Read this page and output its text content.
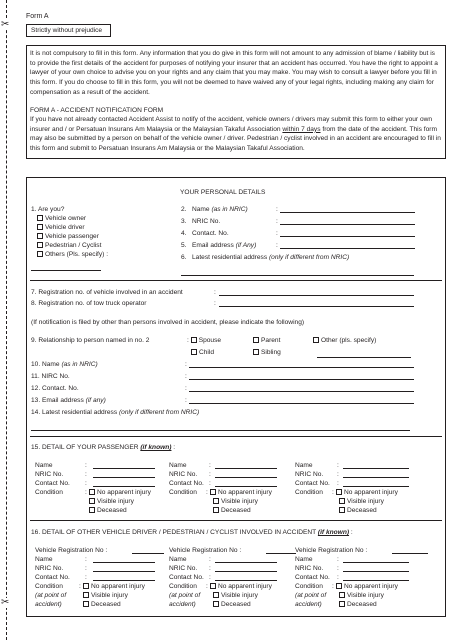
✂
✂
Form A
Strictly without prejudice
It is not compulsory to fill in this form. Any information that you do give in this form will not amount to any admission of blame / liability but is to provide the first details of the accident for purposes of notifying your insurer that an accident has occurred. You have the right to appoint a lawyer of your own choice to advise you on your rights and any claim that you may make. You may wish to consult a lawyer before you fill in this form. If you do choose to fill in this form, you will not be deemed to have waived any of your legal rights, including making any claim for compensation as a result of the accident.
FORM A - ACCIDENT NOTIFICATION FORM
If you have not already contacted Accident Assist to notify of the accident, vehicle owners / drivers may submit this form to either your own insurer and / or Persatuan Insurans Am Malaysia or the Malaysian Takaful Association within 7 days from the date of the accident. This form may also be submitted by a person on behalf of the vehicle owner / driver. Pedestrian / cyclist involved in an accident are encouraged to fill in this form and submit to Persatuan Insurans Am Malaysia or the Malaysian Takaful Association.
YOUR PERSONAL DETAILS
1. Are you?
Vehicle owner
Vehicle driver
Vehicle passenger
Pedestrian / Cyclist
Others (Pls. specify) :
2. Name (as in NRIC)	:
3. NRIC No.	:
4. Contact. No.	:
5. Email address (if Any)	:
6. Latest residential address (only if different from NRIC)
7. Registration no. of vehicle involved in an accident	:
8. Registration no. of tow truck operator	:
(If notification is filed by other than persons involved in accident, please indicate the following)
9. Relationship to person named in no. 2	: Spouse	Parent	Other (pls. specify)
Child	Sibling
10. Name (as in NRIC)	:
11. NIRC No.	:
12. Contact. No.	:
13. Email address (if any)	:
14. Latest residential address (only if different from NRIC)
15. DETAIL OF YOUR PASSENGER (if known) :
Name	:
NRIC No.	:
Contact No. :
Condition	:	No apparent injury
Visible injury
Deceased
Name	:
NRIC No. :
Contact No. :
Condition :	No apparent injury
Visible injury
Deceased
Name	:
NRIC No. :
Contact No. :
Condition :	No apparent injury
Visible injury
Deceased
16. DETAIL OF OTHER VEHICLE DRIVER / PEDESTRIAN / CYCLIST INVOLVED IN ACCIDENT (if known) :
Vehicle Registration No :
Name	:
NRIC No.	:
Contact No. :
Condition :
(at point of
accident)
No apparent injury
Visible injury
Deceased
Vehicle Registration No :
Name	:
NRIC No. :
Contact No. :
Condition :
(at point of
accident)
No apparent injury
Visible injury
Deceased
Vehicle Registration No :
Name	:
NRIC No. :
Contact No. :
Condition :
(at point of
accident)
No apparent injury
Visible injury
Deceased
